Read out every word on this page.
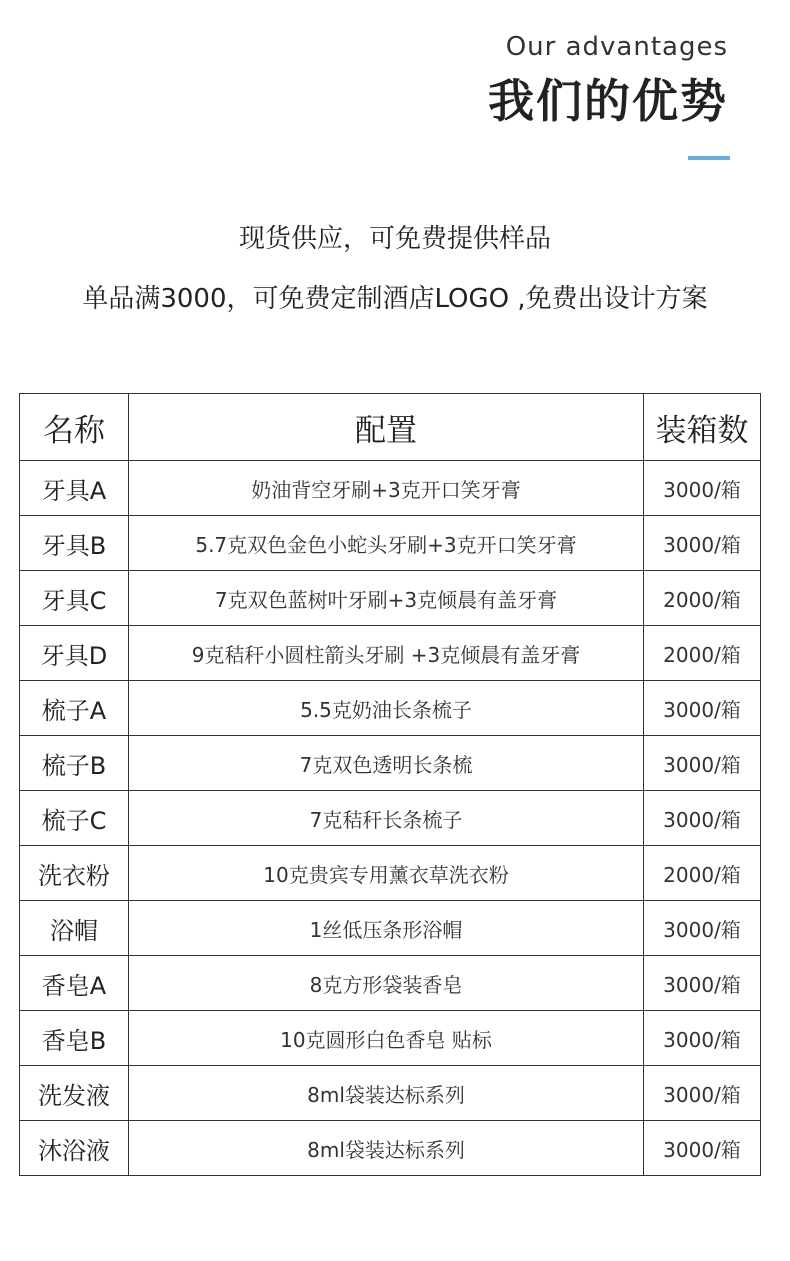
Our advantages
我们的优势
现货供应，可免费提供样品
单品满3000，可免费定制酒店LOGO ,免费出设计方案
名称	配置	装箱数
牙具A	奶油背空牙刷+3克开口笑牙膏	3000/箱
牙具B	5.7克双色金色小蛇头牙刷+3克开口笑牙膏	3000/箱
牙具C	7克双色蓝树叶牙刷+3克倾晨有盖牙膏	2000/箱
牙具D	9克秸秆小圆柱箭头牙刷 +3克倾晨有盖牙膏	2000/箱
梳子A	5.5克奶油长条梳子	3000/箱
梳子B	7克双色透明长条梳	3000/箱
梳子C	7克秸秆长条梳子	3000/箱
洗衣粉	10克贵宾专用薰衣草洗衣粉	2000/箱
浴帽	1丝低压条形浴帽	3000/箱
香皂A	8克方形袋装香皂	3000/箱
香皂B	10克圆形白色香皂 贴标	3000/箱
洗发液	8ml袋装达标系列	3000/箱
沐浴液	8ml袋装达标系列	3000/箱
